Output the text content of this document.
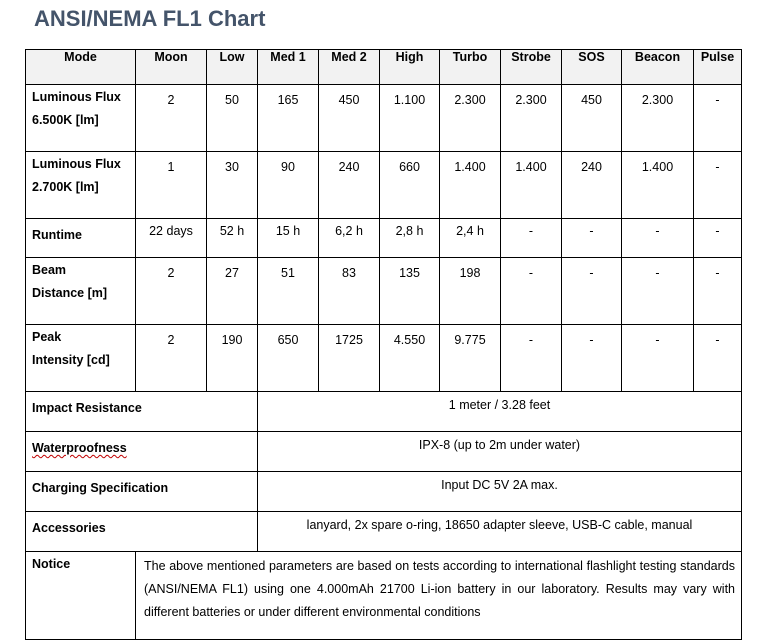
ANSI/NEMA FL1 Chart
Mode	Moon	Low	Med 1	Med 2	High	Turbo	Strobe	SOS	Beacon	Pulse
Luminous Flux
6.500K [lm]	2	50	165	450	1.100	2.300	2.300	450	2.300	-
Luminous Flux
2.700K [lm]	1	30	90	240	660	1.400	1.400	240	1.400	-
Runtime	22 days	52 h	15 h	6,2 h	2,8 h	2,4 h	-	-	-	-
Beam
Distance [m]	2	27	51	83	135	198	-	-	-	-
Peak
Intensity [cd]	2	190	650	1725	4.550	9.775	-	-	-	-
Impact Resistance			1 meter / 3.28 feet							
Waterproofness			IPX-8 (up to 2m under water)							
Charging Specification			Input DC 5V 2A max.							
Accessories			lanyard, 2x spare o-ring, 18650 adapter sleeve, USB-C cable, manual							
Notice	The above mentioned parameters are based on tests according to international flashlight testing standards (ANSI/NEMA FL1) using one 4.000mAh 21700 Li-ion battery in our laboratory. Results may vary with different batteries or under different environmental conditions									
